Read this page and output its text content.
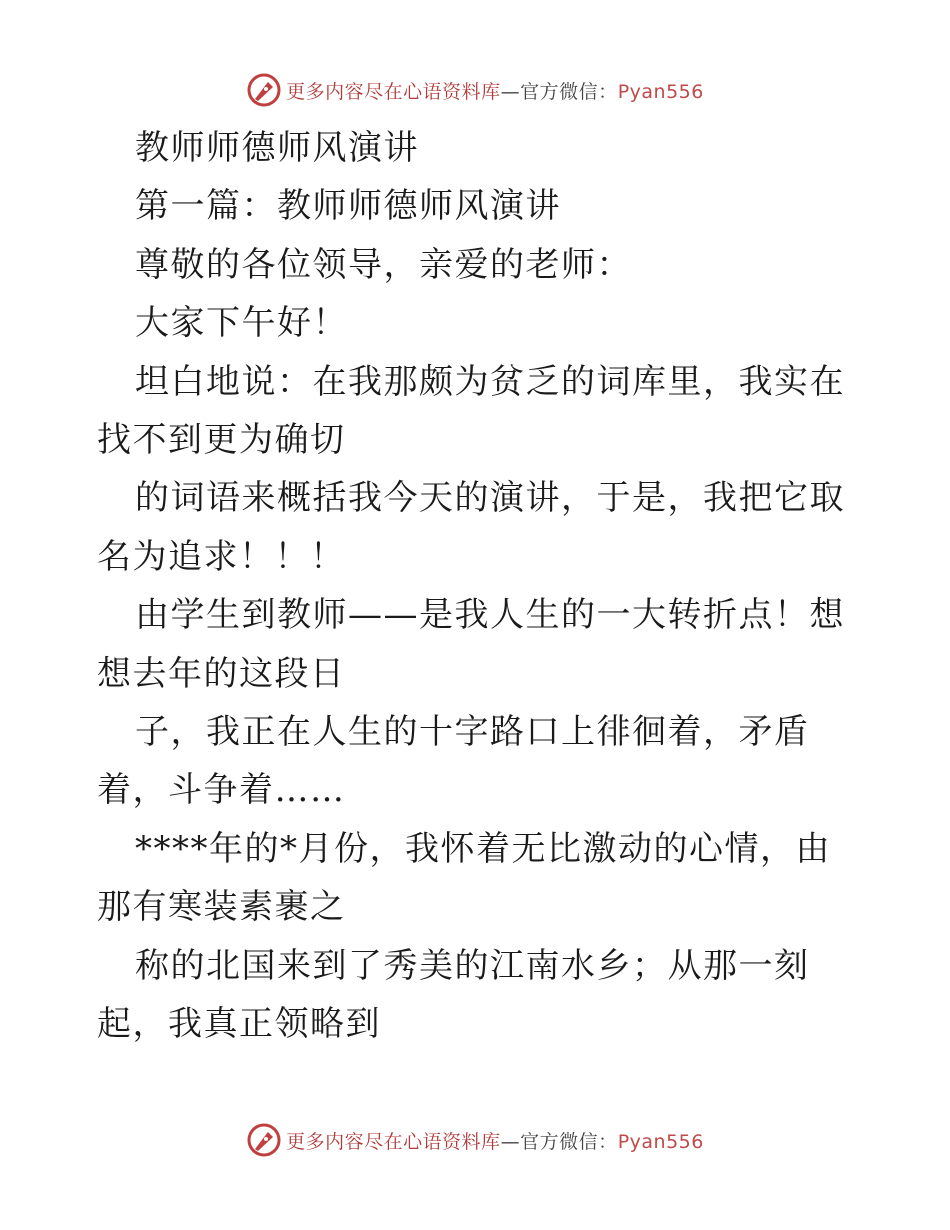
更多内容尽在心语资料库—官方微信：Pyan556

教师师德师风演讲

第一篇：教师师德师风演讲

尊敬的各位领导，亲爱的老师：

大家下午好！

坦白地说：在我那颇为贫乏的词库里，我实在找不到更为确切

的词语来概括我今天的演讲，于是，我把它取名为追求！！！

由学生到教师——是我人生的一大转折点！想想去年的这段日

子，我正在人生的十字路口上徘徊着，矛盾着，斗争着……

****年的*月份，我怀着无比激动的心情，由那有寒装素裹之

称的北国来到了秀美的江南水乡；从那一刻起，我真正领略到

更多内容尽在心语资料库—官方微信：Pyan556
